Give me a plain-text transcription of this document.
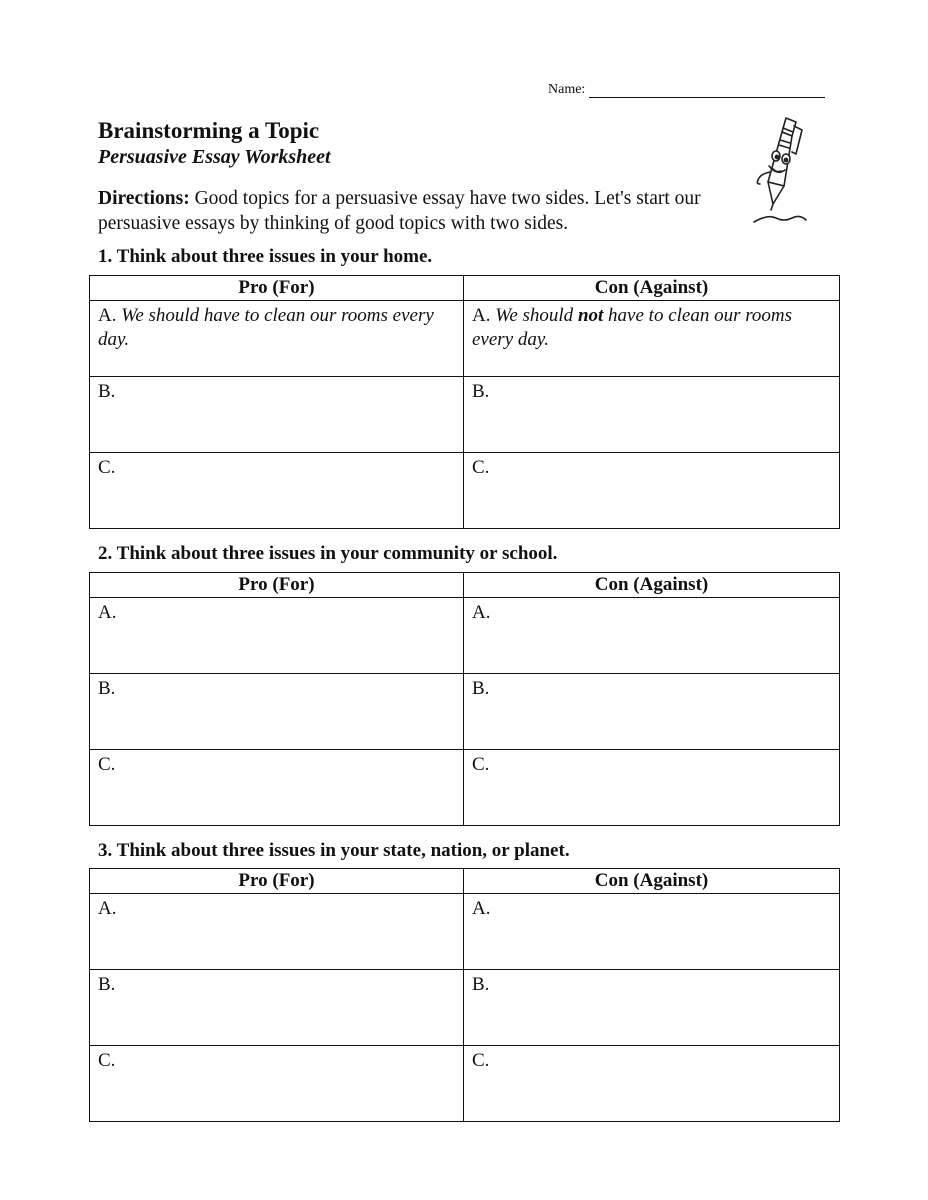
Name:
Brainstorming a Topic
Persuasive Essay Worksheet
Directions: Good topics for a persuasive essay have two sides. Let's start our persuasive essays by thinking of good topics with two sides.
1. Think about three issues in your home.
Pro (For)	Con (Against)
A. We should have to clean our rooms every day.	A. We should not have to clean our rooms every day.
B.	B.
C.	C.
2. Think about three issues in your community or school.
Pro (For)	Con (Against)
A.	A.
B.	B.
C.	C.
3. Think about three issues in your state, nation, or planet.
Pro (For)	Con (Against)
A.	A.
B.	B.
C.	C.
